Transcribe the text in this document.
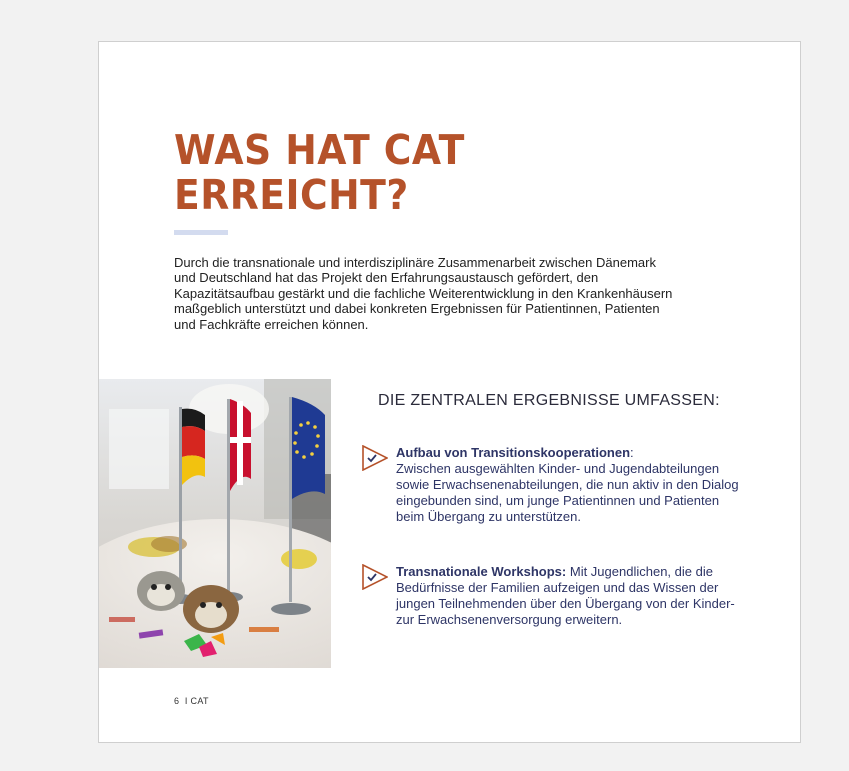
WAS HAT CAT
ERREICHT?

Durch die transnationale und interdisziplinäre Zusammenarbeit zwischen Dänemark und Deutschland hat das Projekt den Erfahrungsaustausch gefördert, den Kapazitätsaufbau gestärkt und die fachliche Weiterentwicklung in den Krankenhäusern maßgeblich unterstützt und dabei konkreten Ergebnissen für Patientinnen, Patienten und Fachkräfte erreichen können.

DIE ZENTRALEN ERGEBNISSE UMFASSEN:

Aufbau von Transitionskooperationen:
Zwischen ausgewählten Kinder- und Jugendabteilungen sowie Erwachsenenabteilungen, die nun aktiv in den Dialog eingebunden sind, um junge Patientinnen und Patienten beim Übergang zu unterstützen.

Transnationale Workshops: Mit Jugendlichen, die die Bedürfnisse der Familien aufzeigen und das Wissen der jungen Teilnehmenden über den Übergang von der Kinder- zur Erwachsenenversorgung erweitern.

6 I CAT
